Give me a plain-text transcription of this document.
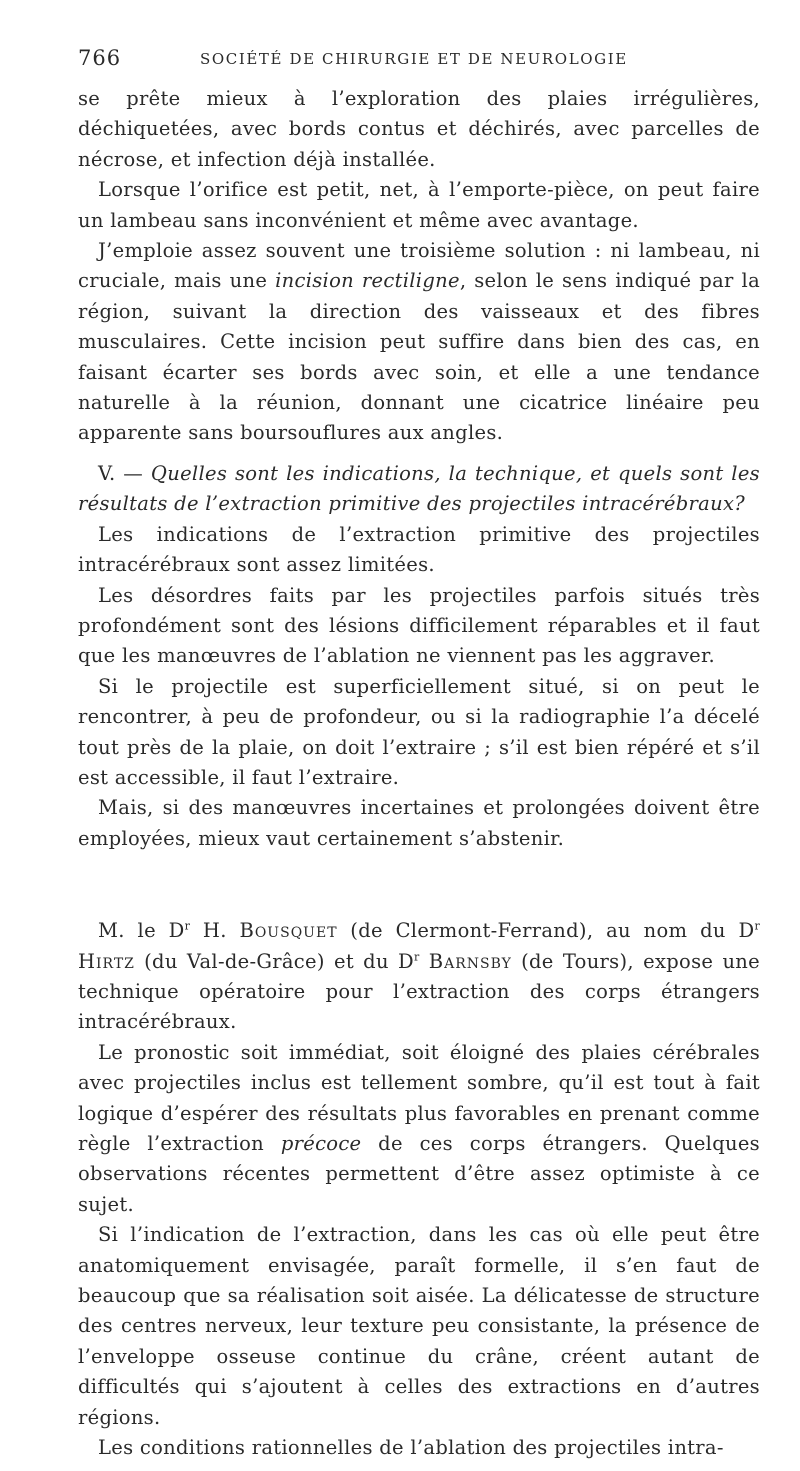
766	SOCIÉTÉ DE CHIRURGIE ET DE NEUROLOGIE

se prête mieux à l’exploration des plaies irrégulières, déchiquetées, avec bords contus et déchirés, avec parcelles de nécrose, et infection déjà installée.

Lorsque l’orifice est petit, net, à l’emporte-pièce, on peut faire un lambeau sans inconvénient et même avec avantage.

J’emploie assez souvent une troisième solution : ni lambeau, ni cruciale, mais une incision rectiligne, selon le sens indiqué par la région, suivant la direction des vaisseaux et des fibres musculaires. Cette incision peut suffire dans bien des cas, en faisant écarter ses bords avec soin, et elle a une tendance naturelle à la réunion, donnant une cicatrice linéaire peu apparente sans boursouflures aux angles.

V. — Quelles sont les indications, la technique, et quels sont les résultats de l’extraction primitive des projectiles intracérébraux?

Les indications de l’extraction primitive des projectiles intracérébraux sont assez limitées.

Les désordres faits par les projectiles parfois situés très profondément sont des lésions difficilement réparables et il faut que les manœuvres de l’ablation ne viennent pas les aggraver.

Si le projectile est superficiellement situé, si on peut le rencontrer, à peu de profondeur, ou si la radiographie l’a décelé tout près de la plaie, on doit l’extraire ; s’il est bien répéré et s’il est accessible, il faut l’extraire.

Mais, si des manœuvres incertaines et prolongées doivent être employées, mieux vaut certainement s’abstenir.

M. le $D^r$ H. Bousquet (de Clermont-Ferrand), au nom du $D^r$ Hirtz (du Val-de-Grâce) et du $D^r$ Barnsby (de Tours), expose une technique opératoire pour l’extraction des corps étrangers intracérébraux.

Le pronostic soit immédiat, soit éloigné des plaies cérébrales avec projectiles inclus est tellement sombre, qu’il est tout à fait logique d’espérer des résultats plus favorables en prenant comme règle l’extraction précoce de ces corps étrangers. Quelques observations récentes permettent d’être assez optimiste à ce sujet.

Si l’indication de l’extraction, dans les cas où elle peut être anatomiquement envisagée, paraît formelle, il s’en faut de beaucoup que sa réalisation soit aisée. La délicatesse de structure des centres nerveux, leur texture peu consistante, la présence de l’enveloppe osseuse continue du crâne, créent autant de difficultés qui s’ajoutent à celles des extractions en d’autres régions.

Les conditions rationnelles de l’ablation des projectiles intra-
